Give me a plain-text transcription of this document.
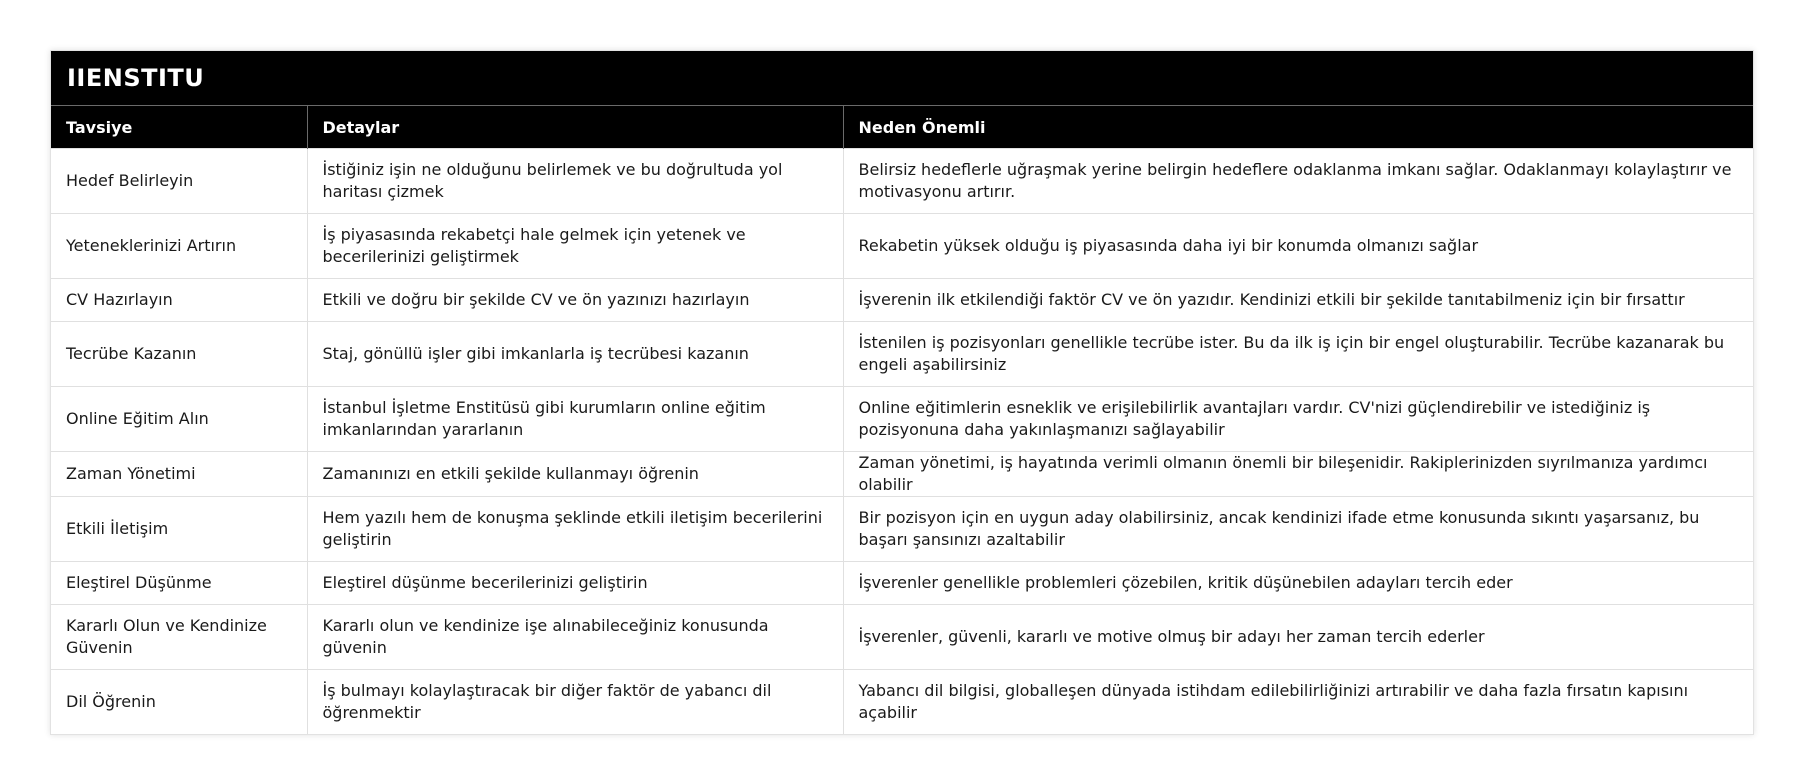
IIENSTITU
Tavsiye	Detaylar	Neden Önemli
Hedef Belirleyin	İstiğiniz işin ne olduğunu belirlemek ve bu doğrultuda yol haritası çizmek	Belirsiz hedeflerle uğraşmak yerine belirgin hedeflere odaklanma imkanı sağlar. Odaklanmayı kolaylaştırır ve motivasyonu artırır.
Yeteneklerinizi Artırın	İş piyasasında rekabetçi hale gelmek için yetenek ve becerilerinizi geliştirmek	Rekabetin yüksek olduğu iş piyasasında daha iyi bir konumda olmanızı sağlar
CV Hazırlayın	Etkili ve doğru bir şekilde CV ve ön yazınızı hazırlayın	İşverenin ilk etkilendiği faktör CV ve ön yazıdır. Kendinizi etkili bir şekilde tanıtabilmeniz için bir fırsattır
Tecrübe Kazanın	Staj, gönüllü işler gibi imkanlarla iş tecrübesi kazanın	İstenilen iş pozisyonları genellikle tecrübe ister. Bu da ilk iş için bir engel oluşturabilir. Tecrübe kazanarak bu engeli aşabilirsiniz
Online Eğitim Alın	İstanbul İşletme Enstitüsü gibi kurumların online eğitim imkanlarından yararlanın	Online eğitimlerin esneklik ve erişilebilirlik avantajları vardır. CV'nizi güçlendirebilir ve istediğiniz iş pozisyonuna daha yakınlaşmanızı sağlayabilir
Zaman Yönetimi	Zamanınızı en etkili şekilde kullanmayı öğrenin	Zaman yönetimi, iş hayatında verimli olmanın önemli bir bileşenidir. Rakiplerinizden sıyrılmanıza yardımcı olabilir
Etkili İletişim	Hem yazılı hem de konuşma şeklinde etkili iletişim becerilerini geliştirin	Bir pozisyon için en uygun aday olabilirsiniz, ancak kendinizi ifade etme konusunda sıkıntı yaşarsanız, bu başarı şansınızı azaltabilir
Eleştirel Düşünme	Eleştirel düşünme becerilerinizi geliştirin	İşverenler genellikle problemleri çözebilen, kritik düşünebilen adayları tercih eder
Kararlı Olun ve Kendinize Güvenin	Kararlı olun ve kendinize işe alınabileceğiniz konusunda güvenin	İşverenler, güvenli, kararlı ve motive olmuş bir adayı her zaman tercih ederler
Dil Öğrenin	İş bulmayı kolaylaştıracak bir diğer faktör de yabancı dil öğrenmektir	Yabancı dil bilgisi, globalleşen dünyada istihdam edilebilirliğinizi artırabilir ve daha fazla fırsatın kapısını açabilir
